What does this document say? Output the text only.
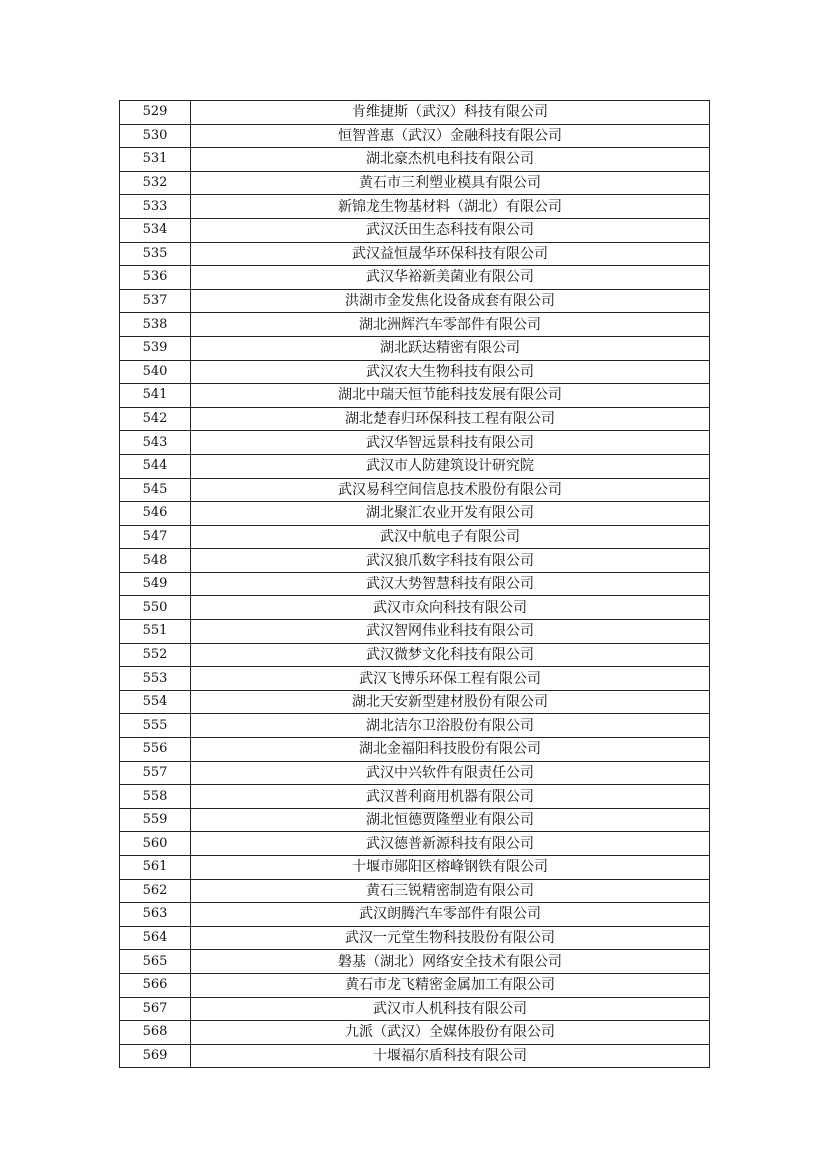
529	肯维捷斯（武汉）科技有限公司
530	恒智普惠（武汉）金融科技有限公司
531	湖北豪杰机电科技有限公司
532	黄石市三利塑业模具有限公司
533	新锦龙生物基材料（湖北）有限公司
534	武汉沃田生态科技有限公司
535	武汉益恒晟华环保科技有限公司
536	武汉华裕新美菌业有限公司
537	洪湖市金发焦化设备成套有限公司
538	湖北洲辉汽车零部件有限公司
539	湖北跃达精密有限公司
540	武汉农大生物科技有限公司
541	湖北中瑞天恒节能科技发展有限公司
542	湖北楚春归环保科技工程有限公司
543	武汉华智远景科技有限公司
544	武汉市人防建筑设计研究院
545	武汉易科空间信息技术股份有限公司
546	湖北聚汇农业开发有限公司
547	武汉中航电子有限公司
548	武汉狼爪数字科技有限公司
549	武汉大势智慧科技有限公司
550	武汉市众向科技有限公司
551	武汉智网伟业科技有限公司
552	武汉微梦文化科技有限公司
553	武汉飞博乐环保工程有限公司
554	湖北天安新型建材股份有限公司
555	湖北洁尔卫浴股份有限公司
556	湖北金福阳科技股份有限公司
557	武汉中兴软件有限责任公司
558	武汉普利商用机器有限公司
559	湖北恒德贾隆塑业有限公司
560	武汉德普新源科技有限公司
561	十堰市郧阳区榕峰钢铁有限公司
562	黄石三锐精密制造有限公司
563	武汉朗腾汽车零部件有限公司
564	武汉一元堂生物科技股份有限公司
565	磐基（湖北）网络安全技术有限公司
566	黄石市龙飞精密金属加工有限公司
567	武汉市人机科技有限公司
568	九派（武汉）全媒体股份有限公司
569	十堰福尔盾科技有限公司
